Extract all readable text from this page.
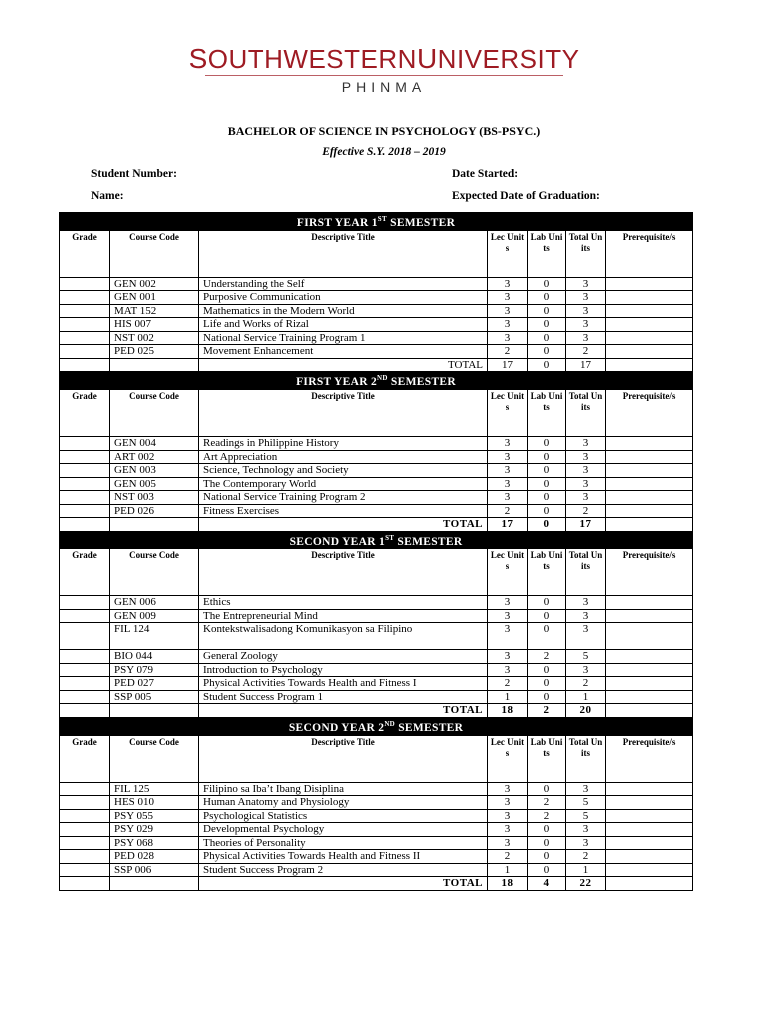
SOUTHWESTERNUNIVERSITY
PHINMA
BACHELOR OF SCIENCE IN PSYCHOLOGY (BS-PSYC.)
Effective S.Y. 2018 – 2019
Student Number:
Name:
Date Started:
Expected Date of Graduation:
FIRST YEAR 1ST SEMESTER						
Grade	Course Code	Descriptive Title	Lec Units	Lab Units	Total Units	Prerequisite/s
	GEN 002	Understanding the Self	3	0	3	
	GEN 001	Purposive Communication	3	0	3	
	MAT 152	Mathematics in the Modern World	3	0	3	
	HIS 007	Life and Works of Rizal	3	0	3	
	NST 002	National Service Training Program 1	3	0	3	
	PED 025	Movement Enhancement	2	0	2	
		TOTAL	17	0	17	
FIRST YEAR 2ND SEMESTER						
Grade	Course Code	Descriptive Title	Lec Units	Lab Units	Total Units	Prerequisite/s
	GEN 004	Readings in Philippine History	3	0	3	
	ART 002	Art Appreciation	3	0	3	
	GEN 003	Science, Technology and Society	3	0	3	
	GEN 005	The Contemporary World	3	0	3	
	NST 003	National Service Training Program 2	3	0	3	
	PED 026	Fitness Exercises	2	0	2	
		TOTAL	17	0	17	
SECOND YEAR 1ST SEMESTER						
Grade	Course Code	Descriptive Title	Lec Units	Lab Units	Total Units	Prerequisite/s
	GEN 006	Ethics	3	0	3	
	GEN 009	The Entrepreneurial Mind	3	0	3	
	FIL 124	Kontekstwalisadong Komunikasyon sa Filipino	3	0	3	
	BIO 044	General Zoology	3	2	5	
	PSY 079	Introduction to Psychology	3	0	3	
	PED 027	Physical Activities Towards Health and Fitness I	2	0	2	
	SSP 005	Student Success Program 1	1	0	1	
		TOTAL	18	2	20	
SECOND YEAR 2ND SEMESTER						
Grade	Course Code	Descriptive Title	Lec Units	Lab Units	Total Units	Prerequisite/s
	FIL 125	Filipino sa Iba’t Ibang Disiplina	3	0	3	
	HES 010	Human Anatomy and Physiology	3	2	5	
	PSY 055	Psychological Statistics	3	2	5	
	PSY 029	Developmental Psychology	3	0	3	
	PSY 068	Theories of Personality	3	0	3	
	PED 028	Physical Activities Towards Health and Fitness II	2	0	2	
	SSP 006	Student Success Program 2	1	0	1	
		TOTAL	18	4	22	
